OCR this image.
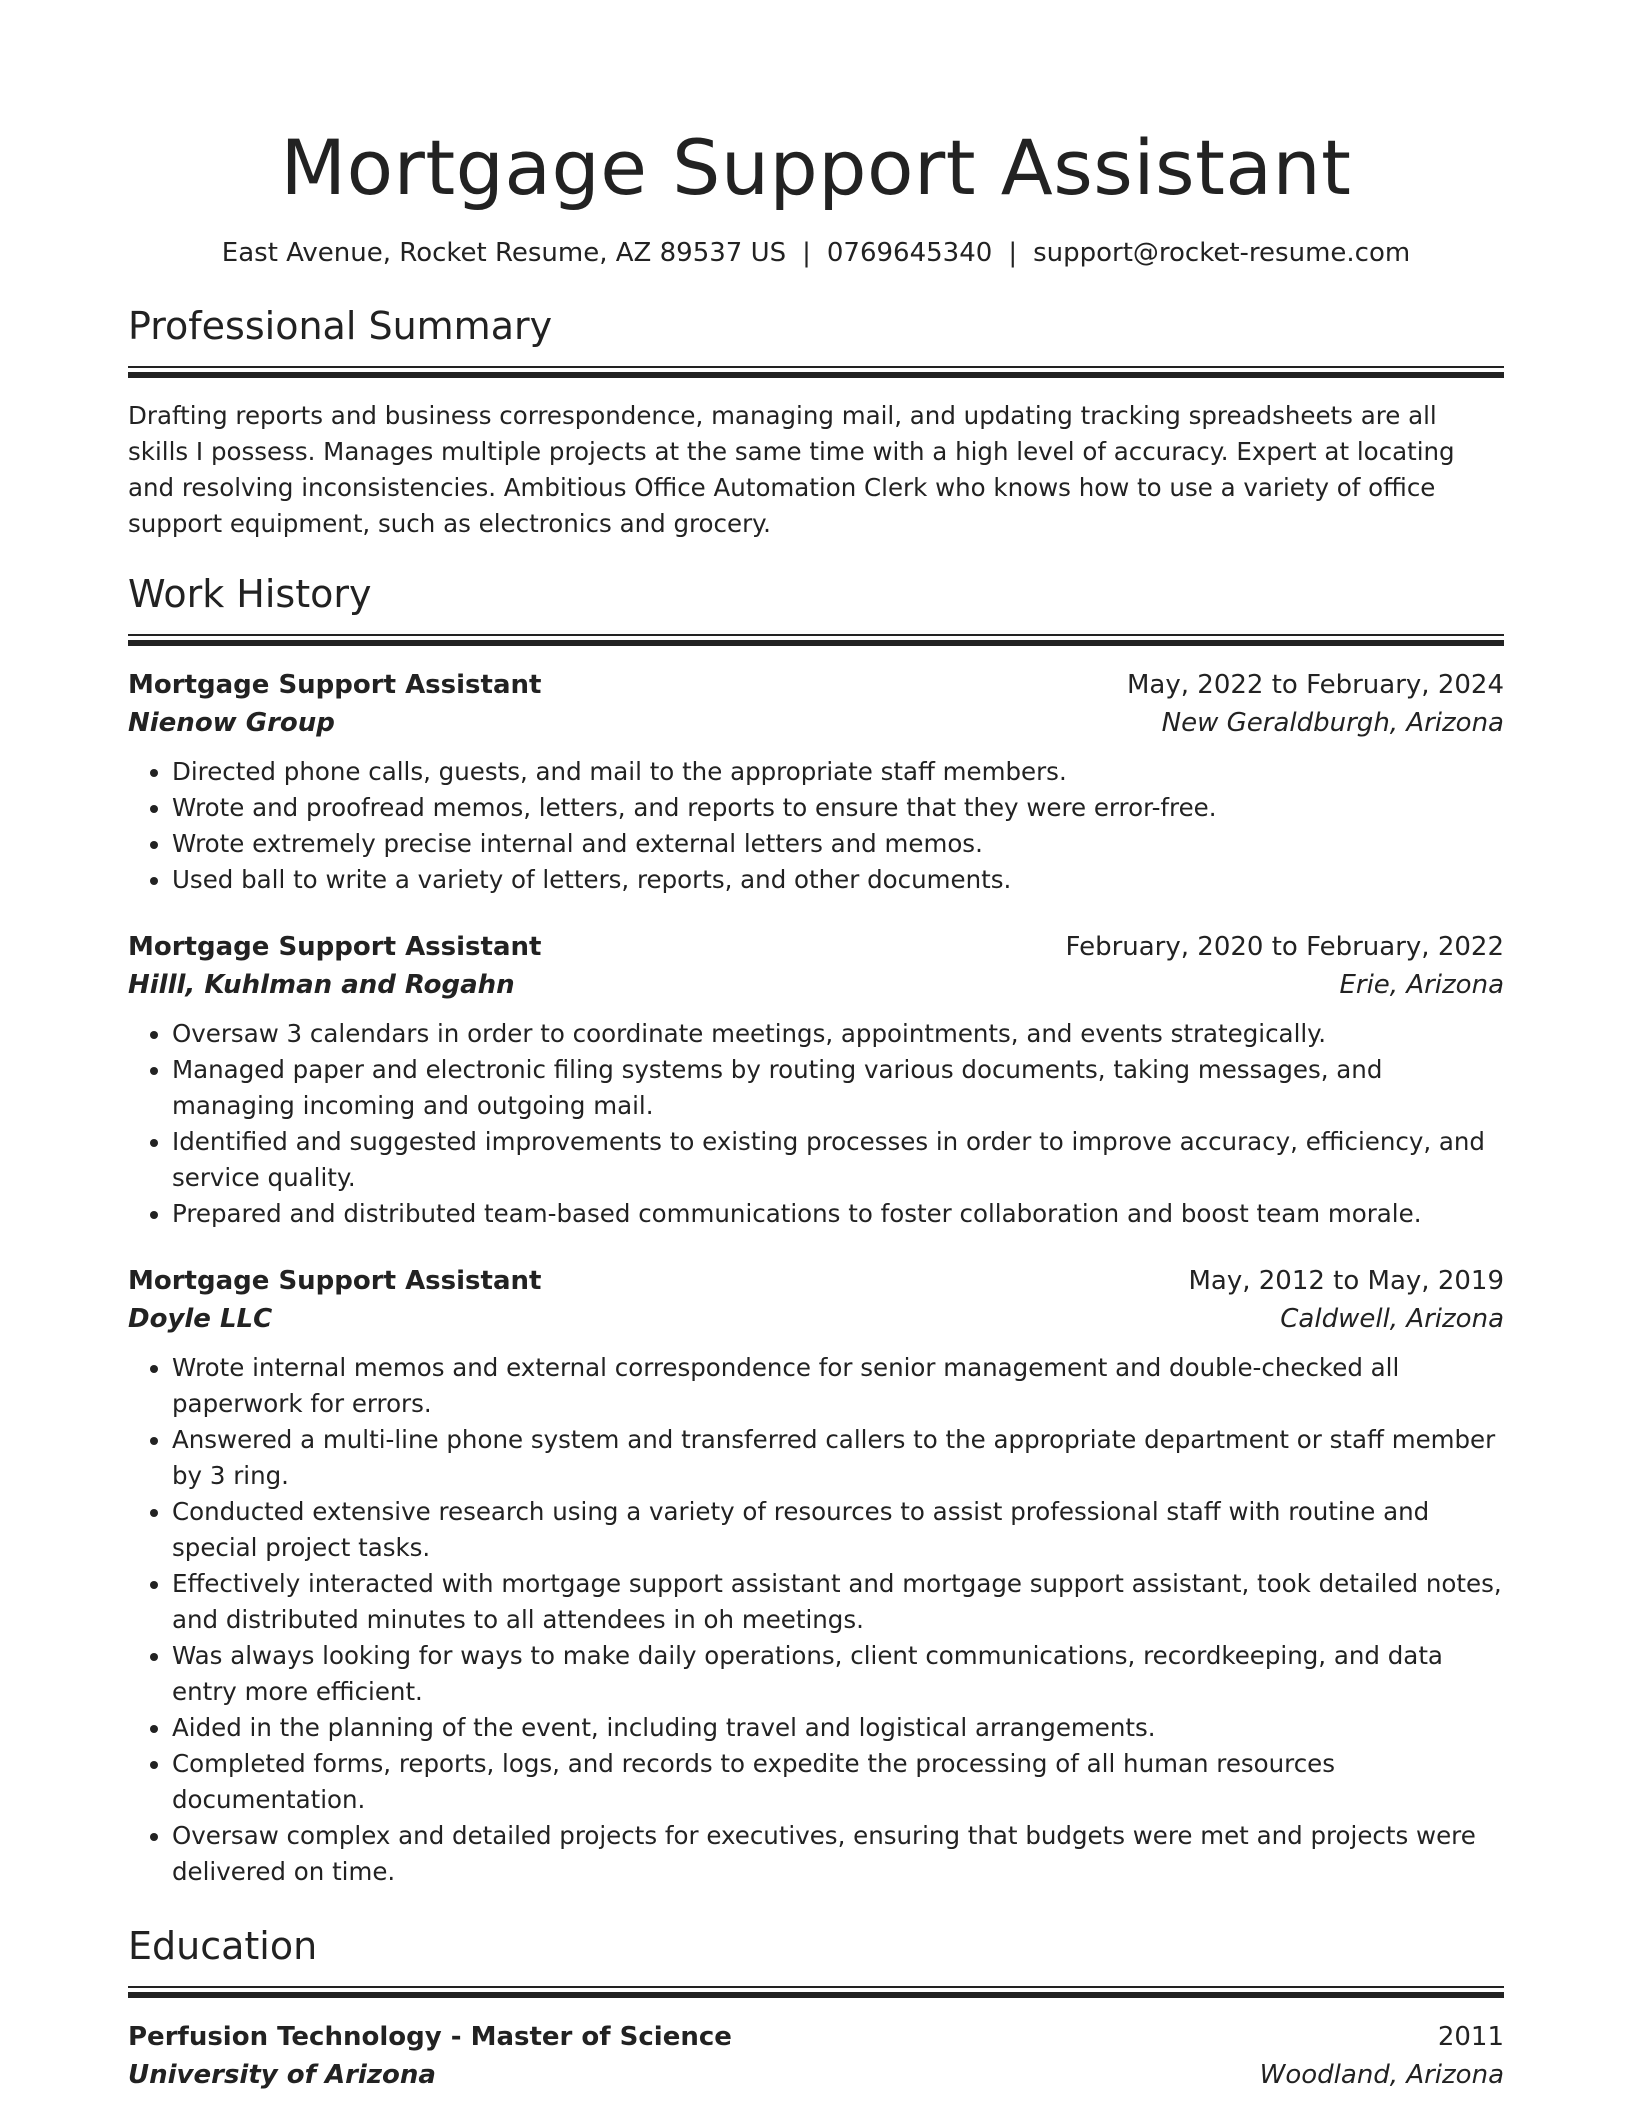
Mortgage Support Assistant
East Avenue, Rocket Resume, AZ 89537 US | 0769645340 | support@rocket-resume.com
Professional Summary

Drafting reports and business correspondence, managing mail, and updating tracking spreadsheets are all skills I possess. Manages multiple projects at the same time with a high level of accuracy. Expert at locating and resolving inconsistencies. Ambitious Office Automation Clerk who knows how to use a variety of office support equipment, such as electronics and grocery.

Work History
Mortgage Support Assistant	May, 2022 to February, 2024
Nienow Group	New Geraldburgh, Arizona
• Directed phone calls, guests, and mail to the appropriate staff members.
• Wrote and proofread memos, letters, and reports to ensure that they were error-free.
• Wrote extremely precise internal and external letters and memos.
• Used ball to write a variety of letters, reports, and other documents.
Mortgage Support Assistant	February, 2020 to February, 2022
Hilll, Kuhlman and Rogahn	Erie, Arizona
• Oversaw 3 calendars in order to coordinate meetings, appointments, and events strategically.
• Managed paper and electronic filing systems by routing various documents, taking messages, and managing incoming and outgoing mail.
• Identified and suggested improvements to existing processes in order to improve accuracy, efficiency, and service quality.
• Prepared and distributed team-based communications to foster collaboration and boost team morale.
Mortgage Support Assistant	May, 2012 to May, 2019
Doyle LLC	Caldwell, Arizona
• Wrote internal memos and external correspondence for senior management and double-checked all paperwork for errors.
• Answered a multi-line phone system and transferred callers to the appropriate department or staff member by 3 ring.
• Conducted extensive research using a variety of resources to assist professional staff with routine and special project tasks.
• Effectively interacted with mortgage support assistant and mortgage support assistant, took detailed notes, and distributed minutes to all attendees in oh meetings.
• Was always looking for ways to make daily operations, client communications, recordkeeping, and data entry more efficient.
• Aided in the planning of the event, including travel and logistical arrangements.
• Completed forms, reports, logs, and records to expedite the processing of all human resources documentation.
• Oversaw complex and detailed projects for executives, ensuring that budgets were met and projects were delivered on time.
Education
Perfusion Technology - Master of Science	2011
University of Arizona	Woodland, Arizona
